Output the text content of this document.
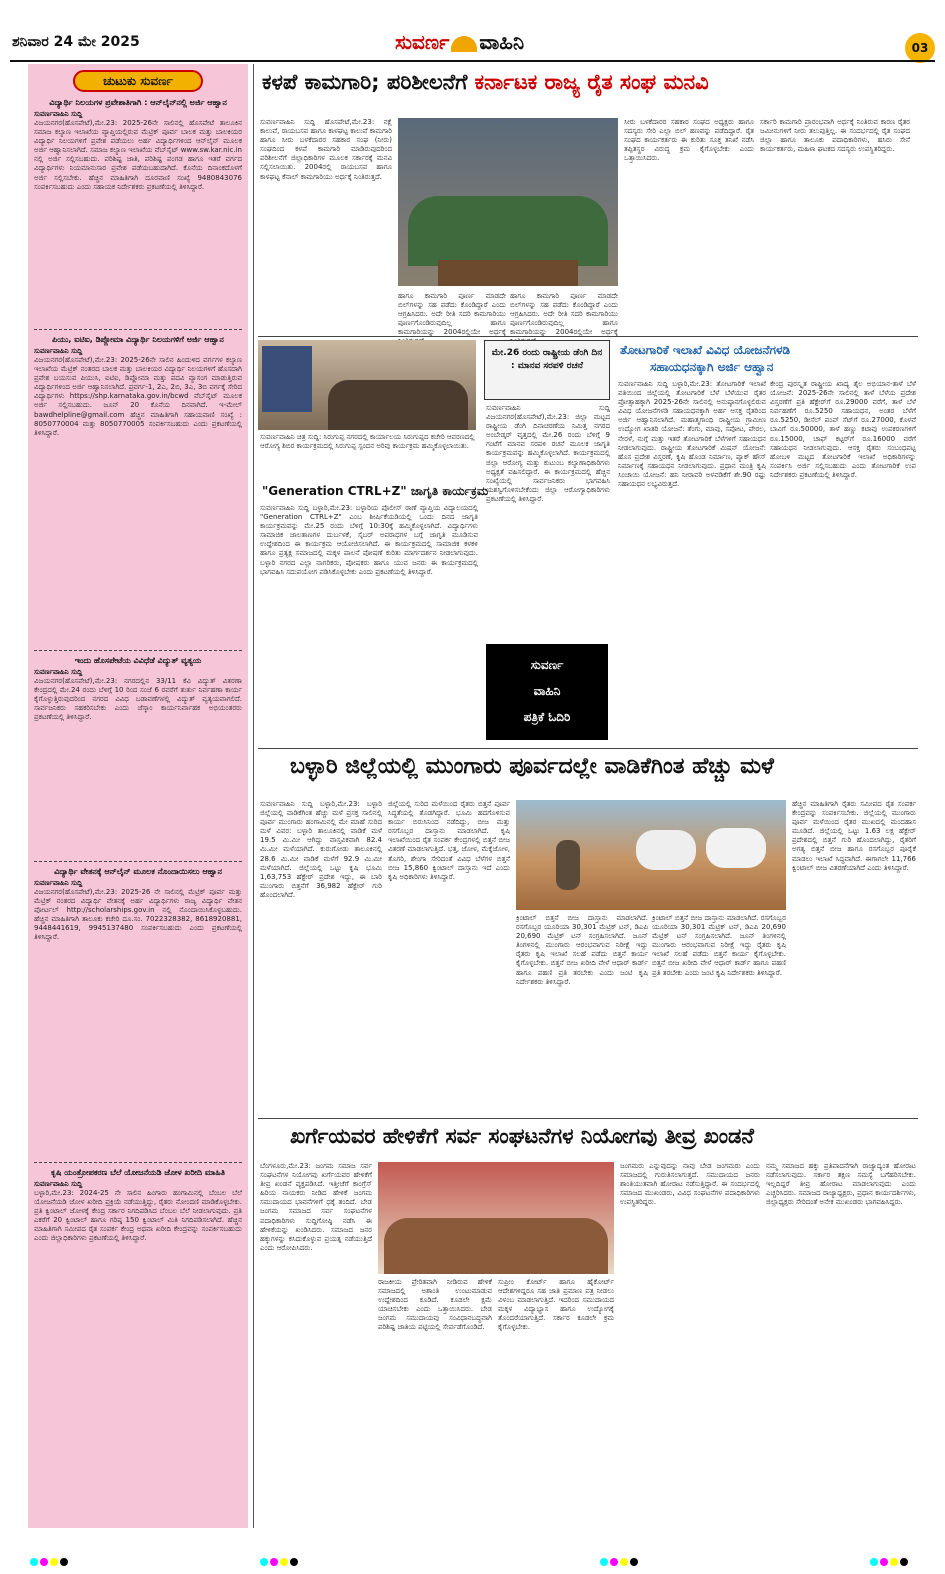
ಶನಿವಾರ 24 ಮೇ 2025	ಸುವರ್ಣ ವಾಹಿನಿ	03
ಚುಟುಕು ಸುವರ್ಣ
ವಿದ್ಯಾರ್ಥಿ ನಿಲಯಗಳ ಪ್ರವೇಶಾತಿಗಾಗಿ : ಆನ್‌ಲೈನ್‌ನಲ್ಲಿ ಅರ್ಜಿ ಆಹ್ವಾನ
ಸುವರ್ಣವಾಹಿನಿ ಸುದ್ದಿ
ವಿಜಯನಗರ(ಹೊಸಪೇಟೆ),ಮೇ.23: 2025-26ನೇ ಸಾಲಿನಲ್ಲಿ ಹೊಸಪೇಟೆ ತಾಲೂಕಿನ ಸಮಾಜ ಕಲ್ಯಾಣ ಇಲಾಖೆಯ ವ್ಯಾಪ್ತಿಯಲ್ಲಿರುವ ಮೆಟ್ರಿಕ್ ಪೂರ್ವ ಬಾಲಕ ಮತ್ತು ಬಾಲಕಿಯರ ವಿದ್ಯಾರ್ಥಿ ನಿಲಯಗಳಿಗೆ ಪ್ರವೇಶ ಪಡೆಯಲು ಅರ್ಹ ವಿದ್ಯಾರ್ಥಿಗಳಿಂದ ಆನ್‌ಲೈನ್ ಮೂಲಕ ಅರ್ಜಿ ಆಹ್ವಾನಿಸಲಾಗಿದೆ. ಸಮಾಜ ಕಲ್ಯಾಣ ಇಲಾಖೆಯ ವೆಬ್‌ಸೈಟ್ www.sw.kar.nic.in ನಲ್ಲಿ ಅರ್ಜಿ ಸಲ್ಲಿಸಬಹುದು. ಪರಿಶಿಷ್ಟ ಜಾತಿ, ಪರಿಶಿಷ್ಟ ಪಂಗಡ ಹಾಗೂ ಇತರೆ ವರ್ಗದ ವಿದ್ಯಾರ್ಥಿಗಳು ನಿಯಮಾನುಸಾರ ಪ್ರವೇಶ ಪಡೆಯಬಹುದಾಗಿದೆ. ಕೊನೆಯ ದಿನಾಂಕದೊಳಗೆ ಅರ್ಜಿ ಸಲ್ಲಿಸಬೇಕು. ಹೆಚ್ಚಿನ ಮಾಹಿತಿಗಾಗಿ ದೂರವಾಣಿ ಸಂಖ್ಯೆ 9480843076 ಸಂಪರ್ಕಿಸಬಹುದು ಎಂದು ಸಹಾಯಕ ನಿರ್ದೇಶಕರು ಪ್ರಕಟಣೆಯಲ್ಲಿ ತಿಳಿಸಿದ್ದಾರೆ.
ಪಿಯು, ಐಟಿಐ, ಡಿಪ್ಲೋಮಾ ವಿದ್ಯಾರ್ಥಿ ನಿಲಯಗಳಿಗೆ ಅರ್ಜಿ ಆಹ್ವಾನ
ಸುವರ್ಣವಾಹಿನಿ ಸುದ್ದಿ
ವಿಜಯನಗರ(ಹೊಸಪೇಟೆ),ಮೇ.23: 2025-26ನೇ ಸಾಲಿನ ಹಿಂದುಳಿದ ವರ್ಗಗಳ ಕಲ್ಯಾಣ ಇಲಾಖೆಯ ಮೆಟ್ರಿಕ್ ನಂತರದ ಬಾಲಕ ಮತ್ತು ಬಾಲಕಿಯರ ವಿದ್ಯಾರ್ಥಿ ನಿಲಯಗಳಿಗೆ ಹೊಸದಾಗಿ ಪ್ರವೇಶ ಬಯಸುವ ಪಿಯುಸಿ, ಐಟಿಐ, ಡಿಪ್ಲೋಮಾ ಮತ್ತು ಪದವಿ ವ್ಯಾಸಂಗ ಮಾಡುತ್ತಿರುವ ವಿದ್ಯಾರ್ಥಿಗಳಿಂದ ಅರ್ಜಿ ಆಹ್ವಾನಿಸಲಾಗಿದೆ. ಪ್ರವರ್ಗ-1, 2ಎ, 2ಬಿ, 3ಎ, 3ಬಿ ವರ್ಗಕ್ಕೆ ಸೇರಿದ ವಿದ್ಯಾರ್ಥಿಗಳು https://shp.karnataka.gov.in/bcwd ವೆಬ್‌ಸೈಟ್ ಮೂಲಕ ಅರ್ಜಿ ಸಲ್ಲಿಸಬಹುದು. ಜೂನ್ 20 ಕೊನೆಯ ದಿನವಾಗಿದೆ. ಇ-ಮೇಲ್ bawdhelpline@gmail.com ಹೆಚ್ಚಿನ ಮಾಹಿತಿಗಾಗಿ ಸಹಾಯವಾಣಿ ಸಂಖ್ಯೆ : 8050770004 ಮತ್ತು 8050770005 ಸಂಪರ್ಕಿಸಬಹುದು ಎಂದು ಪ್ರಕಟಣೆಯಲ್ಲಿ ತಿಳಿಸಿದ್ದಾರೆ.
ಇಂದು ಹೊಸಪೇಟೆಯ ವಿವಿಧೆಡೆ ವಿದ್ಯುತ್ ವ್ಯತ್ಯಯ
ಸುವರ್ಣವಾಹಿನಿ ಸುದ್ದಿ
ವಿಜಯನಗರ(ಹೊಸಪೇಟೆ),ಮೇ.23: ನಗರದಲ್ಲಿನ 33/11 ಕೆವಿ ವಿದ್ಯುತ್ ವಿತರಣಾ ಕೇಂದ್ರದಲ್ಲಿ ಮೇ.24 ರಂದು ಬೆಳಿಗ್ಗೆ 10 ರಿಂದ ಸಂಜೆ 6 ರವರೆಗೆ ತುರ್ತು ನಿರ್ವಹಣಾ ಕಾರ್ಯ ಕೈಗೊಳ್ಳುತ್ತಿರುವುದರಿಂದ ನಗರದ ವಿವಿಧ ಬಡಾವಣೆಗಳಲ್ಲಿ ವಿದ್ಯುತ್ ವ್ಯತ್ಯಯವಾಗಲಿದೆ. ಸಾರ್ವಜನಿಕರು ಸಹಕರಿಸಬೇಕು ಎಂದು ಜೆಸ್ಕಾಂ ಕಾರ್ಯನಿರ್ವಾಹಕ ಅಭಿಯಂತರರು ಪ್ರಕಟಣೆಯಲ್ಲಿ ತಿಳಿಸಿದ್ದಾರೆ.
ವಿದ್ಯಾರ್ಥಿ ವೇತನಕ್ಕೆ ಆನ್‌ಲೈನ್ ಮೂಲಕ ನೊಂದಾಯಿಸಲು ಆಹ್ವಾನ
ಸುವರ್ಣವಾಹಿನಿ ಸುದ್ದಿ
ವಿಜಯನಗರ(ಹೊಸಪೇಟೆ),ಮೇ.23: 2025-26 ನೇ ಸಾಲಿನಲ್ಲಿ ಮೆಟ್ರಿಕ್ ಪೂರ್ವ ಮತ್ತು ಮೆಟ್ರಿಕ್ ನಂತರದ ವಿದ್ಯಾರ್ಥಿ ವೇತನಕ್ಕೆ ಅರ್ಹ ವಿದ್ಯಾರ್ಥಿಗಳು ರಾಜ್ಯ ವಿದ್ಯಾರ್ಥಿ ವೇತನ ಪೋರ್ಟಲ್ http://scholarships.gov.in ನಲ್ಲಿ ನೊಂದಾಯಿಸಿಕೊಳ್ಳಬಹುದು. ಹೆಚ್ಚಿನ ಮಾಹಿತಿಗಾಗಿ ತಾಲೂಕು ಕಚೇರಿ ದೂ.ಸಂ. 7022328382, 8618920881, 9448441619, 9945137480 ಸಂಪರ್ಕಿಸಬಹುದು ಎಂದು ಪ್ರಕಟಣೆಯಲ್ಲಿ ತಿಳಿಸಿದ್ದಾರೆ.
ಕೃಷಿ ಯಂತ್ರೋಪಕರಣ ಬೆಲೆ ಯೋಜನೆಯಡಿ ಜೋಳ ಖರೀದಿ ಮಾಹಿತಿ
ಸುವರ್ಣವಾಹಿನಿ ಸುದ್ದಿ
ಬಳ್ಳಾರಿ,ಮೇ.23: 2024-25 ನೇ ಸಾಲಿನ ಹಿಂಗಾರು ಹಂಗಾಮಿನಲ್ಲಿ ಬೆಂಬಲ ಬೆಲೆ ಯೋಜನೆಯಡಿ ಜೋಳ ಖರೀದಿ ಪ್ರಕ್ರಿಯೆ ನಡೆಯುತ್ತಿದ್ದು, ರೈತರು ನೋಂದಣಿ ಮಾಡಿಕೊಳ್ಳಬೇಕು. ಪ್ರತಿ ಕ್ವಿಂಟಾಲ್ ಜೋಳಕ್ಕೆ ಕೇಂದ್ರ ಸರ್ಕಾರ ನಿಗದಿಪಡಿಸಿದ ಬೆಂಬಲ ಬೆಲೆ ನೀಡಲಾಗುವುದು. ಪ್ರತಿ ಎಕರೆಗೆ 20 ಕ್ವಿಂಟಾಲ್ ಹಾಗೂ ಗರಿಷ್ಠ 150 ಕ್ವಿಂಟಾಲ್ ಮಿತಿ ನಿಗದಿಪಡಿಸಲಾಗಿದೆ. ಹೆಚ್ಚಿನ ಮಾಹಿತಿಗಾಗಿ ಸಮೀಪದ ರೈತ ಸಂಪರ್ಕ ಕೇಂದ್ರ ಅಥವಾ ಖರೀದಿ ಕೇಂದ್ರವನ್ನು ಸಂಪರ್ಕಿಸಬಹುದು ಎಂದು ಜಿಲ್ಲಾಧಿಕಾರಿಗಳು ಪ್ರಕಟಣೆಯಲ್ಲಿ ತಿಳಿಸಿದ್ದಾರೆ.
ಕಳಪೆ ಕಾಮಗಾರಿ; ಪರಿಶೀಲನೆಗೆ ಕರ್ನಾಟಕ ರಾಜ್ಯ ರೈತ ಸಂಘ ಮನವಿ
ಸುವರ್ಣವಾಹಿನಿ ಸುದ್ದಿ ಹೊಸಪೇಟೆ,ಮೇ.23: ನಕ್ಷೆ ಕಾಲುವೆ, ರಾಯಬಸವ ಹಾಗೂ ಕಾಳಘಟ್ಟ ಕಾಲುವೆ ಕಾಮಗಾರಿ ಹಾಗೂ ಸೀರು ಬಳಕೆದಾರರ ಸಹಕಾರ ಸಂಘ (ನೀರು) ಸಂಘದಿಂದ ಕಳಪೆ ಕಾಮಗಾರಿ ಮಾಡಿರುವುದರಿಂದ ಪರಿಶೀಲನೆಗೆ ಜಿಲ್ಲಾಧಿಕಾರಿಗಳ ಮೂಲಕ ಸರ್ಕಾರಕ್ಕೆ ಮನವಿ ಸಲ್ಲಿಸಲಾಯಿತು. 2004ರಲ್ಲಿ ರಾಯಬಸವ ಹಾಗೂ ಕಾಳಘಟ್ಟ ಕೆನಾಲ್ ಕಾಮಗಾರಿಯು ಅರ್ಧಕ್ಕೆ ನಿಂತಿರುತ್ತದೆ.
ಸೀರು ಬಳಕೆದಾರರ ಸಹಕಾರ ಸಂಘದ ಅಧ್ಯಕ್ಷರು ಹಾಗೂ ಸದಸ್ಯರು ಸೇರಿ ಎಲ್ಲಾ ಬಿಲ್‌ ಹಣವನ್ನು ಪಡೆದಿದ್ದಾರೆ. ರೈತ ಸಂಘದ ಕಾರ್ಯಕರ್ತರು ಈ ಕುರಿತು ಸೂಕ್ತ ತನಿಖೆ ನಡೆಸಿ ತಪ್ಪಿತಸ್ಥರ ವಿರುದ್ಧ ಕ್ರಮ ಕೈಗೊಳ್ಳಬೇಕು ಎಂದು ಒತ್ತಾಯಿಸಿದರು.
ಸರ್ಕಾರಿ ಕಾಮಗಾರಿ ಪ್ರಾರಂಭವಾಗಿ ಅರ್ಧಕ್ಕೆ ನಿಂತಿರುವ ಕಾರಣ ರೈತರ ಜಮೀನುಗಳಿಗೆ ನೀರು ತಲುಪುತ್ತಿಲ್ಲ. ಈ ಸಂದರ್ಭದಲ್ಲಿ ರೈತ ಸಂಘದ ಜಿಲ್ಲಾ ಹಾಗೂ ತಾಲೂಕು ಪದಾಧಿಕಾರಿಗಳು, ಹಸಿರು ಸೇನೆ ಕಾರ್ಯಕರ್ತರು, ಮಹಿಳಾ ಘಟಕದ ಸದಸ್ಯರು ಉಪಸ್ಥಿತರಿದ್ದರು.
ಹಾಗೂ ಕಾಮಗಾರಿ ಪೂರ್ಣ ಮಾಡದೇ ಬಿಲ್‌ಗಳನ್ನು ಸಹ ಪಡೆದು ಕೊಂಡಿದ್ದಾರೆ ಎಂದು ಆಗ್ರಹಿಸಿದರು. ಅದೇ ರೀತಿ ಸದರಿ ಕಾಮಗಾರಿಯು ಪೂರ್ಣಗೊಂಡಿರುವುದಿಲ್ಲ ಹಾಗೂ ಕಾಮಗಾರಿಯನ್ನು 2004ರಲ್ಲಿಯೇ ಅರ್ಧಕ್ಕೆ
ಹಾಗೂ ಕಾಮಗಾರಿ ಪೂರ್ಣ ಮಾಡದೇ ಬಿಲ್‌ಗಳನ್ನು ಸಹ ಪಡೆದು ಕೊಂಡಿದ್ದಾರೆ ಎಂದು ಆಗ್ರಹಿಸಿದರು. ಅದೇ ರೀತಿ ಸದರಿ ಕಾಮಗಾರಿಯು ಪೂರ್ಣಗೊಂಡಿರುವುದಿಲ್ಲ ಹಾಗೂ ಕಾಮಗಾರಿಯನ್ನು 2004ರಲ್ಲಿಯೇ ಅರ್ಧಕ್ಕೆ
ಸುವರ್ಣವಾಹಿನಿ ಚಿತ್ರ ಸುದ್ದಿ: ಸಿರುಗುಪ್ಪ ನಗರದಲ್ಲಿ ಕಾರ್ಯಾಲಯ ಸಿರುಗುಪ್ಪದ ಕಚೇರಿ ಆವರಣದಲ್ಲಿ ಆರೋಗ್ಯ ಶಿಬಿರ ಕಾರ್ಯಕ್ರಮದಲ್ಲಿ ಸಿರುಗುಪ್ಪ ಸ್ಪಂದನ ಅರಿವು ಕಾರ್ಯಕ್ರಮ ಹಮ್ಮಿಕೊಳ್ಳಲಾಯಿತು.
"Generation CTRL+Z" ಜಾಗೃತಿ ಕಾರ್ಯಕ್ರಮ
ಸುವರ್ಣವಾಹಿನಿ ಸುದ್ದಿ ಬಳ್ಳಾರಿ,ಮೇ.23: ಬಳ್ಳಾರಿಯ ಪೊಲೀಸ್ ಠಾಣೆ ವ್ಯಾಪ್ತಿಯ ವಿದ್ಯಾಲಯದಲ್ಲಿ "Generation CTRL+Z" ಎಂಬ ಶೀರ್ಷಿಕೆಯಡಿಯಲ್ಲಿ ಒಂದು ದಿನದ ಜಾಗೃತಿ ಕಾರ್ಯಕ್ರಮವನ್ನು ಮೇ.25 ರಂದು ಬೆಳಿಗ್ಗೆ 10:30ಕ್ಕೆ ಹಮ್ಮಿಕೊಳ್ಳಲಾಗಿದೆ. ವಿದ್ಯಾರ್ಥಿಗಳು ಸಾಮಾಜಿಕ ಜಾಲತಾಣಗಳ ದುರ್ಬಳಕೆ, ಸೈಬರ್ ಅಪರಾಧಗಳ ಬಗ್ಗೆ ಜಾಗೃತಿ ಮೂಡಿಸುವ ಉದ್ದೇಶದಿಂದ ಈ ಕಾರ್ಯಕ್ರಮ ಆಯೋಜಿಸಲಾಗಿದೆ. ಈ ಕಾರ್ಯಕ್ರಮದಲ್ಲಿ ಸಾಮಾಜಿಕ ಕಳಕಳಿ ಹಾಗೂ ಪ್ರತ್ಯಕ್ಷ ಸಮಾಜದಲ್ಲಿ ಮಕ್ಕಳ ಪಾಲನೆ ಪೋಷಣೆ ಕುರಿತು ಮಾರ್ಗದರ್ಶನ ನೀಡಲಾಗುವುದು. ಬಳ್ಳಾರಿ ನಗರದ ಎಲ್ಲಾ ನಾಗರಿಕರು, ಪೋಷಕರು ಹಾಗೂ ಯುವ ಜನರು ಈ ಕಾರ್ಯಕ್ರಮದಲ್ಲಿ ಭಾಗವಹಿಸಿ ಸದುಪಯೋಗ ಪಡಿಸಿಕೊಳ್ಳಬೇಕು ಎಂದು ಪ್ರಕಟಣೆಯಲ್ಲಿ ತಿಳಿಸಿದ್ದಾರೆ.
ಮೇ.26 ರಂದು ರಾಷ್ಟ್ರೀಯ ಡೆಂಗಿ ದಿನ : ಮಾನವ ಸರಪಳಿ ರಚನೆ
ಸುವರ್ಣವಾಹಿನಿ ಸುದ್ದಿ ವಿಜಯನಗರ(ಹೊಸಪೇಟೆ),ಮೇ.23: ಜಿಲ್ಲಾ ಮಟ್ಟದ ರಾಷ್ಟ್ರೀಯ ಡೆಂಗಿ ದಿನಾಚರಣೆಯ ನಿಮಿತ್ತ ನಗರದ ಅಂಬೇಡ್ಕರ್ ವೃತ್ತದಲ್ಲಿ ಮೇ.26 ರಂದು ಬೆಳಿಗ್ಗೆ 9 ಗಂಟೆಗೆ ಮಾನವ ಸರಪಳಿ ರಚನೆ ಮೂಲಕ ಜಾಗೃತಿ ಕಾರ್ಯಕ್ರಮವನ್ನು ಹಮ್ಮಿಕೊಳ್ಳಲಾಗಿದೆ. ಕಾರ್ಯಕ್ರಮದಲ್ಲಿ ಜಿಲ್ಲಾ ಆರೋಗ್ಯ ಮತ್ತು ಕುಟುಂಬ ಕಲ್ಯಾಣಾಧಿಕಾರಿಗಳು ಅಧ್ಯಕ್ಷತೆ ವಹಿಸಲಿದ್ದಾರೆ. ಈ ಕಾರ್ಯಕ್ರಮದಲ್ಲಿ ಹೆಚ್ಚಿನ ಸಂಖ್ಯೆಯಲ್ಲಿ ಸಾರ್ವಜನಿಕರು ಭಾಗವಹಿಸಿ ಯಶಸ್ವಿಗೊಳಿಸಬೇಕೆಂದು ಜಿಲ್ಲಾ ಆರೋಗ್ಯಾಧಿಕಾರಿಗಳು ಪ್ರಕಟಣೆಯಲ್ಲಿ ತಿಳಿಸಿದ್ದಾರೆ.
ಸುವರ್ಣ
ವಾಹಿನಿ
ಪತ್ರಿಕೆ ಓದಿರಿ
ತೋಟಗಾರಿಕೆ ಇಲಾಖೆ ವಿವಿಧ ಯೋಜನೆಗಳಡಿ
ಸಹಾಯಧನಕ್ಕಾಗಿ ಅರ್ಜಿ ಆಹ್ವಾನ
ಸುವರ್ಣವಾಹಿನಿ ಸುದ್ದಿ ಬಳ್ಳಾರಿ,ಮೇ.23: ತೋಟಗಾರಿಕೆ ಇಲಾಖೆ ವತಿಯಿಂದ ಜಿಲ್ಲೆಯಲ್ಲಿ ತೋಟಗಾರಿಕೆ ಬೆಳೆ ಬೆಳೆಯುವ ರೈತರ ಪ್ರೋತ್ಸಾಹಕ್ಕಾಗಿ 2025-26ನೇ ಸಾಲಿನಲ್ಲಿ ಅನುಷ್ಠಾನಗೊಳ್ಳಲಿರುವ ವಿವಿಧ ಯೋಜನೆಗಳಡಿ ಸಹಾಯಧನಕ್ಕಾಗಿ ಅರ್ಹ ಆಸಕ್ತ ರೈತರಿಂದ ಅರ್ಜಿ ಆಹ್ವಾನಿಸಲಾಗಿದೆ. ಮಹಾತ್ಮಗಾಂಧಿ ರಾಷ್ಟ್ರೀಯ ಗ್ರಾಮೀಣ ಉದ್ಯೋಗ ಖಾತರಿ ಯೋಜನೆ: ತೆಂಗು, ಮಾವು, ಸಪೋಟ, ಪೇರಲ, ನೇರಳೆ, ನುಗ್ಗೆ ಮತ್ತು ಇತರೆ ತೋಟಗಾರಿಕೆ ಬೆಳೆಗಳಿಗೆ ಸಹಾಯಧನ ನೀಡಲಾಗುವುದು. ರಾಷ್ಟ್ರೀಯ ತೋಟಗಾರಿಕೆ ಮಿಷನ್ ಯೋಜನೆ: ಹೊಸ ಪ್ರದೇಶ ವಿಸ್ತರಣೆ, ಕೃಷಿ ಹೊಂಡ ನಿರ್ಮಾಣ, ಪ್ಯಾಕ್ ಹೌಸ್ ನಿರ್ಮಾಣಕ್ಕೆ ಸಹಾಯಧನ ನೀಡಲಾಗುವುದು. ಪ್ರಧಾನ ಮಂತ್ರಿ ಕೃಷಿ ಸಿಂಚಾಯಿ ಯೋಜನೆ: ಹನಿ ನೀರಾವರಿ ಅಳವಡಿಕೆಗೆ ಶೇ.90 ರಷ್ಟು ಸಹಾಯಧನ ಲಭ್ಯವಿರುತ್ತದೆ.
ಕೇಂದ್ರ ಪುರಸ್ಕೃತ ರಾಷ್ಟ್ರೀಯ ಖಾದ್ಯ ತೈಲ ಅಭಿಯಾನ-ತಾಳೆ ಬೆಳೆ ಯೋಜನೆ: 2025-26ನೇ ಸಾಲಿನಲ್ಲಿ ತಾಳೆ ಬೆಳೆಯ ಪ್ರದೇಶ ವಿಸ್ತರಣೆಗೆ ಪ್ರತಿ ಹೆಕ್ಟೇರ್‌ಗೆ ರೂ.29000 ವರೆಗೆ, ತಾಳೆ ಬೆಳೆ ನಿರ್ವಹಣೆಗೆ ರೂ.5250 ಸಹಾಯಧನ, ಅಂತರ ಬೆಳೆಗೆ ರೂ.5250, ಡೀಸೆಲ್ ಪಂಪ್ ಸೆಟ್‌ಗೆ ರೂ.27000, ಕೊಳವೆ ಬಾವಿಗೆ ರೂ.50000, ತಾಳೆ ಹಣ್ಣು ಕಟಾವು ಉಪಕರಣಗಳಿಗೆ ರೂ.15000, ಚಾಫ್ ಕಟ್ಟರ್‌ಗೆ ರೂ.16000 ವರೆಗೆ ಸಹಾಯಧನ ನೀಡಲಾಗುವುದು. ಆಸಕ್ತ ರೈತರು ಸಂಬಂಧಪಟ್ಟ ಹೋಬಳಿ ಮಟ್ಟದ ತೋಟಗಾರಿಕೆ ಇಲಾಖೆ ಅಧಿಕಾರಿಗಳನ್ನು ಸಂಪರ್ಕಿಸಿ ಅರ್ಜಿ ಸಲ್ಲಿಸಬಹುದು ಎಂದು ತೋಟಗಾರಿಕೆ ಉಪ ನಿರ್ದೇಶಕರು ಪ್ರಕಟಣೆಯಲ್ಲಿ ತಿಳಿಸಿದ್ದಾರೆ.
ಬಳ್ಳಾರಿ ಜಿಲ್ಲೆಯಲ್ಲಿ ಮುಂಗಾರು ಪೂರ್ವದಲ್ಲೇ ವಾಡಿಕೆಗಿಂತ ಹೆಚ್ಚು ಮಳೆ
ಸುವರ್ಣವಾಹಿನಿ ಸುದ್ದಿ ಬಳ್ಳಾರಿ,ಮೇ.23: ಬಳ್ಳಾರಿ ಜಿಲ್ಲೆಯಲ್ಲಿ ವಾಡಿಕೆಗಿಂತ ಹೆಚ್ಚು ಮಳೆ ಪ್ರಸಕ್ತ ಸಾಲಿನಲ್ಲಿ ಪೂರ್ವ ಮುಂಗಾರು ಹಂಗಾಮಿನಲ್ಲಿ ಮೇ ಮಾಹೆ ಸುರಿದ ಮಳೆ ವಿವರ: ಬಳ್ಳಾರಿ ತಾಲೂಕಿನಲ್ಲಿ ವಾಡಿಕೆ ಮಳೆ 19.5 ಮಿ.ಮೀ ಆಗಿದ್ದು ವಾಸ್ತವಿಕವಾಗಿ 82.4 ಮಿ.ಮೀ ಮಳೆಯಾಗಿದೆ. ಕುರುಗೋಡು ತಾಲೂಕಿನಲ್ಲಿ 28.6 ಮಿ.ಮೀ ವಾಡಿಕೆ ಮಳೆಗೆ 92.9 ಮಿ.ಮೀ ಮಳೆಯಾಗಿದೆ. ಜಿಲ್ಲೆಯಲ್ಲಿ ಒಟ್ಟು ಕೃಷಿ ಭೂಮಿ 1,63,753 ಹೆಕ್ಟೇರ್ ಪ್ರದೇಶ ಇದ್ದು, ಈ ಬಾರಿ ಮುಂಗಾರು ಬಿತ್ತನೆಗೆ 36,982 ಹೆಕ್ಟೇರ್ ಗುರಿ ಹೊಂದಲಾಗಿದೆ.
ಜಿಲ್ಲೆಯಲ್ಲಿ ಸುರಿದ ಮಳೆಯಿಂದ ರೈತರು ಬಿತ್ತನೆ ಪೂರ್ವ ಸಿದ್ಧತೆಯಲ್ಲಿ ತೊಡಗಿದ್ದಾರೆ. ಭೂಮಿ ಹದಗೊಳಿಸುವ ಕಾರ್ಯ ಬಿರುಸಿನಿಂದ ನಡೆದಿದ್ದು, ಬೀಜ ಮತ್ತು ರಸಗೊಬ್ಬರ ದಾಸ್ತಾನು ಮಾಡಲಾಗಿದೆ. ಕೃಷಿ ಇಲಾಖೆಯಿಂದ ರೈತ ಸಂಪರ್ಕ ಕೇಂದ್ರಗಳಲ್ಲಿ ಬಿತ್ತನೆ ಬೀಜ ವಿತರಣೆ ಮಾಡಲಾಗುತ್ತಿದೆ. ಭತ್ತ, ಜೋಳ, ಮೆಕ್ಕೆಜೋಳ, ತೊಗರಿ, ಶೇಂಗಾ ಸೇರಿದಂತೆ ವಿವಿಧ ಬೆಳೆಗಳ ಬಿತ್ತನೆ ಬೀಜ 15,860 ಕ್ವಿಂಟಾಲ್ ದಾಸ್ತಾನು ಇದೆ ಎಂದು ಕೃಷಿ ಅಧಿಕಾರಿಗಳು ತಿಳಿಸಿದ್ದಾರೆ.
ಕ್ರಿಂಟಾಲ್ ಬಿತ್ತನೆ ಬೀಜ ದಾಸ್ತಾನು ಮಾಡಲಾಗಿದೆ. ರಸಗೊಬ್ಬರ ಯೂರಿಯಾ 30,301 ಮೆಟ್ರಿಕ್ ಟನ್, ಡಿಎಪಿ 20,690 ಮೆಟ್ರಿಕ್ ಟನ್ ಸಂಗ್ರಹಿಸಲಾಗಿದೆ. ಜೂನ್ ತಿಂಗಳಿನಲ್ಲಿ ಮುಂಗಾರು ಆರಂಭವಾಗುವ ನಿರೀಕ್ಷೆ ಇದ್ದು ರೈತರು ಕೃಷಿ ಇಲಾಖೆ ಸಲಹೆ ಪಡೆದು ಬಿತ್ತನೆ ಕಾರ್ಯ ಕೈಗೊಳ್ಳಬೇಕು. ಬಿತ್ತನೆ ಬೀಜ ಖರೀದಿ ವೇಳೆ ಆಧಾರ್ ಕಾರ್ಡ್ ಹಾಗೂ ಪಹಣಿ ಪ್ರತಿ ತರಬೇಕು ಎಂದು ಜಂಟಿ ಕೃಷಿ ನಿರ್ದೇಶಕರು ತಿಳಿಸಿದ್ದಾರೆ.
ಕ್ರಿಂಟಾಲ್ ಬಿತ್ತನೆ ಬೀಜ ದಾಸ್ತಾನು ಮಾಡಲಾಗಿದೆ. ರಸಗೊಬ್ಬರ ಯೂರಿಯಾ 30,301 ಮೆಟ್ರಿಕ್ ಟನ್, ಡಿಎಪಿ 20,690 ಮೆಟ್ರಿಕ್ ಟನ್ ಸಂಗ್ರಹಿಸಲಾಗಿದೆ. ಜೂನ್ ತಿಂಗಳಿನಲ್ಲಿ ಮುಂಗಾರು ಆರಂಭವಾಗುವ ನಿರೀಕ್ಷೆ ಇದ್ದು ರೈತರು ಕೃಷಿ ಇಲಾಖೆ ಸಲಹೆ ಪಡೆದು ಬಿತ್ತನೆ ಕಾರ್ಯ ಕೈಗೊಳ್ಳಬೇಕು. ಬಿತ್ತನೆ ಬೀಜ ಖರೀದಿ ವೇಳೆ ಆಧಾರ್ ಕಾರ್ಡ್ ಹಾಗೂ ಪಹಣಿ ಪ್ರತಿ ತರಬೇಕು ಎಂದು ಜಂಟಿ ಕೃಷಿ ನಿರ್ದೇಶಕರು ತಿಳಿಸಿದ್ದಾರೆ.
ಹೆಚ್ಚಿನ ಮಾಹಿತಿಗಾಗಿ ರೈತರು ಸಮೀಪದ ರೈತ ಸಂಪರ್ಕ ಕೇಂದ್ರವನ್ನು ಸಂಪರ್ಕಿಸಬೇಕು. ಜಿಲ್ಲೆಯಲ್ಲಿ ಮುಂಗಾರು ಪೂರ್ವ ಮಳೆಯಿಂದ ರೈತರ ಮುಖದಲ್ಲಿ ಮಂದಹಾಸ ಮೂಡಿದೆ. ಜಿಲ್ಲೆಯಲ್ಲಿ ಒಟ್ಟು 1.63 ಲಕ್ಷ ಹೆಕ್ಟೇರ್ ಪ್ರದೇಶದಲ್ಲಿ ಬಿತ್ತನೆ ಗುರಿ ಹೊಂದಲಾಗಿದ್ದು, ರೈತರಿಗೆ ಅಗತ್ಯ ಬಿತ್ತನೆ ಬೀಜ ಹಾಗೂ ರಸಗೊಬ್ಬರ ಪೂರೈಕೆ ಮಾಡಲು ಇಲಾಖೆ ಸಿದ್ಧವಾಗಿದೆ. ಈಗಾಗಲೇ 11,766 ಕ್ವಿಂಟಾಲ್ ಬೀಜ ವಿತರಣೆಯಾಗಿದೆ ಎಂದು ತಿಳಿಸಿದ್ದಾರೆ.
ಖರ್ಗೆಯವರ ಹೇಳಿಕೆಗೆ ಸರ್ವ ಸಂಘಟನೆಗಳ ನಿಯೋಗವು ತೀವ್ರ ಖಂಡನೆ
ಬೆಂಗಳೂರು,ಮೇ.23: ಜಂಗಮ ಸಮಾಜ ಸರ್ವ ಸಂಘಟನೆಗಳ ನಿಯೋಗವು ಖರ್ಗೆಯವರ ಹೇಳಿಕೆಗೆ ತೀವ್ರ ಖಂಡನೆ ವ್ಯಕ್ತಪಡಿಸಿದೆ. ಇತ್ತೀಚೆಗೆ ಕಾಂಗ್ರೆಸ್ ಹಿರಿಯ ನಾಯಕರು ನೀಡಿದ ಹೇಳಿಕೆ ಜಂಗಮ ಸಮುದಾಯದ ಭಾವನೆಗಳಿಗೆ ಧಕ್ಕೆ ತಂದಿದೆ. ಬೇಡ ಜಂಗಮ ಸಮಾಜದ ಸರ್ವ ಸಂಘಟನೆಗಳ ಪದಾಧಿಕಾರಿಗಳು ಸುದ್ದಿಗೋಷ್ಠಿ ನಡೆಸಿ ಈ ಹೇಳಿಕೆಯನ್ನು ಖಂಡಿಸಿದರು. ಸಮಾಜದ ಜನರ ಹಕ್ಕುಗಳನ್ನು ಕಸಿದುಕೊಳ್ಳುವ ಪ್ರಯತ್ನ ನಡೆಯುತ್ತಿದೆ ಎಂದು ಆರೋಪಿಸಿದರು.
ರಾಜಕೀಯ ಪ್ರೇರಿತವಾಗಿ ನೀಡಿರುವ ಹೇಳಿಕೆ ಸಮಾಜದಲ್ಲಿ ಅಶಾಂತಿ ಉಂಟುಮಾಡುವ ಉದ್ದೇಶದಿಂದ ಕೂಡಿದೆ. ಕೂಡಲೇ ಕ್ಷಮೆ ಯಾಚಿಸಬೇಕು ಎಂದು ಒತ್ತಾಯಿಸಿದರು. ಬೇಡ ಜಂಗಮ ಸಮುದಾಯವು ಸಂವಿಧಾನಬದ್ಧವಾಗಿ ಪರಿಶಿಷ್ಟ ಜಾತಿಯ ಪಟ್ಟಿಯಲ್ಲಿ ಸೇರ್ಪಡೆಗೊಂಡಿದೆ.
ಸುಪ್ರೀಂ ಕೋರ್ಟ್ ಹಾಗೂ ಹೈಕೋರ್ಟ್ ಆದೇಶಗಳಿದ್ದರೂ ಸಹ ಜಾತಿ ಪ್ರಮಾಣ ಪತ್ರ ನೀಡಲು ವಿಳಂಬ ಮಾಡಲಾಗುತ್ತಿದೆ. ಇದರಿಂದ ಸಮುದಾಯದ ಮಕ್ಕಳ ವಿದ್ಯಾಭ್ಯಾಸ ಹಾಗೂ ಉದ್ಯೋಗಕ್ಕೆ ತೊಂದರೆಯಾಗುತ್ತಿದೆ. ಸರ್ಕಾರ ಕೂಡಲೇ ಕ್ರಮ ಕೈಗೊಳ್ಳಬೇಕು.
ಜಂಗಮರು ಎನ್ನುವುದನ್ನು ನಾವು ಬೇಡ ಜಂಗಮರು ಎಂದು ಸಮಾಜದಲ್ಲಿ ಗುರುತಿಸಲಾಗುತ್ತದೆ. ಸಮುದಾಯದ ಜನರು ಶಾಂತಿಯುತವಾಗಿ ಹೋರಾಟ ನಡೆಸುತ್ತಿದ್ದಾರೆ. ಈ ಸಂದರ್ಭದಲ್ಲಿ ಸಮಾಜದ ಮುಖಂಡರು, ವಿವಿಧ ಸಂಘಟನೆಗಳ ಪದಾಧಿಕಾರಿಗಳು ಉಪಸ್ಥಿತರಿದ್ದರು.
ನಮ್ಮ ಸಮಾಜದ ಹಕ್ಕು ಪ್ರತಿಪಾದನೆಗಾಗಿ ರಾಜ್ಯಾದ್ಯಂತ ಹೋರಾಟ ನಡೆಸಲಾಗುವುದು. ಸರ್ಕಾರ ತಕ್ಷಣ ಸಮಸ್ಯೆ ಬಗೆಹರಿಸಬೇಕು. ಇಲ್ಲದಿದ್ದರೆ ತೀವ್ರ ಹೋರಾಟ ಮಾಡಲಾಗುವುದು ಎಂದು ಎಚ್ಚರಿಸಿದರು. ಸಮಾಜದ ರಾಜ್ಯಾಧ್ಯಕ್ಷರು, ಪ್ರಧಾನ ಕಾರ್ಯದರ್ಶಿಗಳು, ಜಿಲ್ಲಾಧ್ಯಕ್ಷರು ಸೇರಿದಂತೆ ಅನೇಕ ಮುಖಂಡರು ಭಾಗವಹಿಸಿದ್ದರು.
